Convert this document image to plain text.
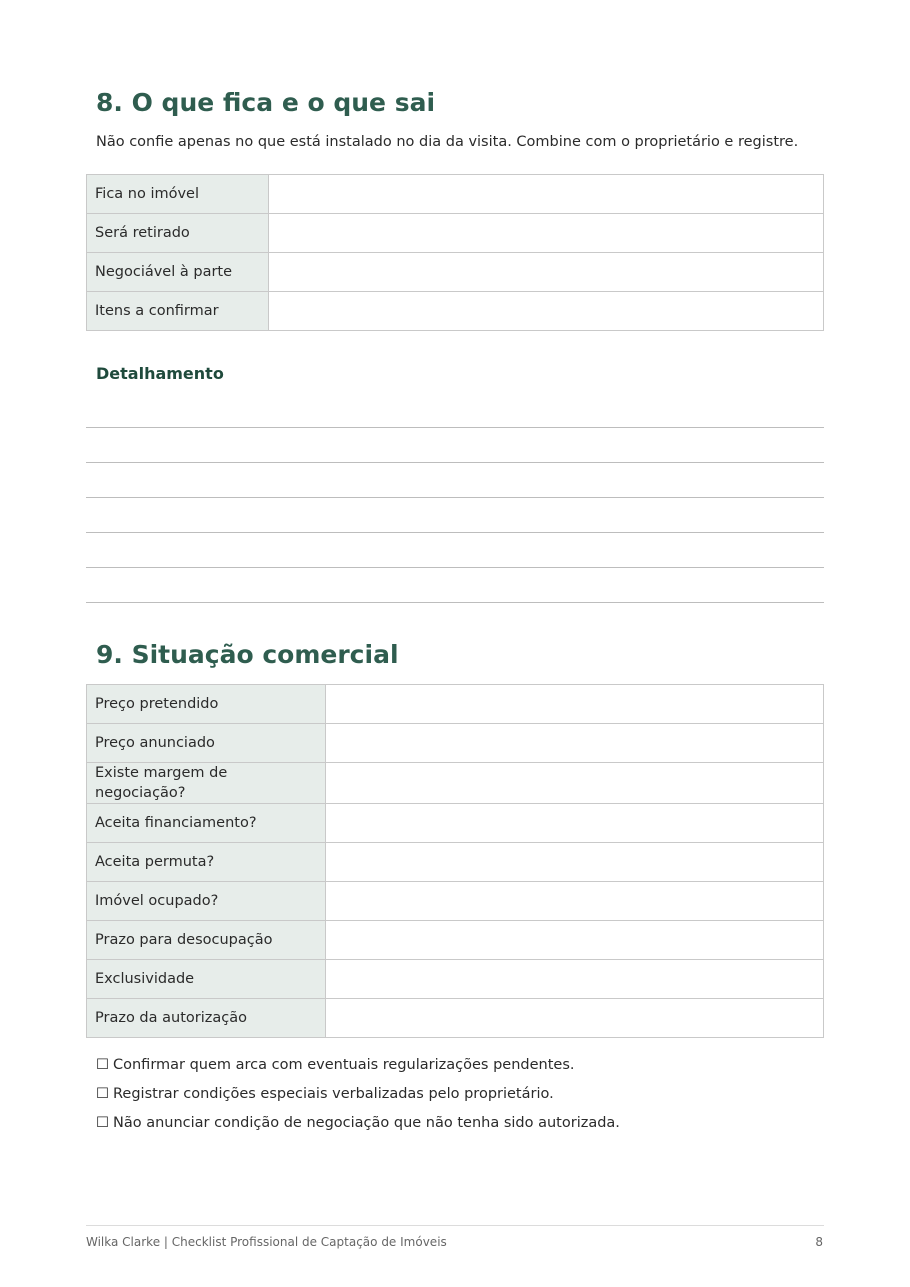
8. O que fica e o que sai

Não confie apenas no que está instalado no dia da visita. Combine com o proprietário e registre.

Fica no imóvel	
Será retirado	
Negociável à parte	
Itens a confirmar	
Detalhamento
9. Situação comercial
Preço pretendido	
Preço anunciado	
Existe margem de negociação?	
Aceita financiamento?	
Aceita permuta?	
Imóvel ocupado?	
Prazo para desocupação	
Exclusividade	
Prazo da autorização	
☐ Confirmar quem arca com eventuais regularizações pendentes.
☐ Registrar condições especiais verbalizadas pelo proprietário.
☐ Não anunciar condição de negociação que não tenha sido autorizada.
Wilka Clarke | Checklist Profissional de Captação de Imóveis	8
